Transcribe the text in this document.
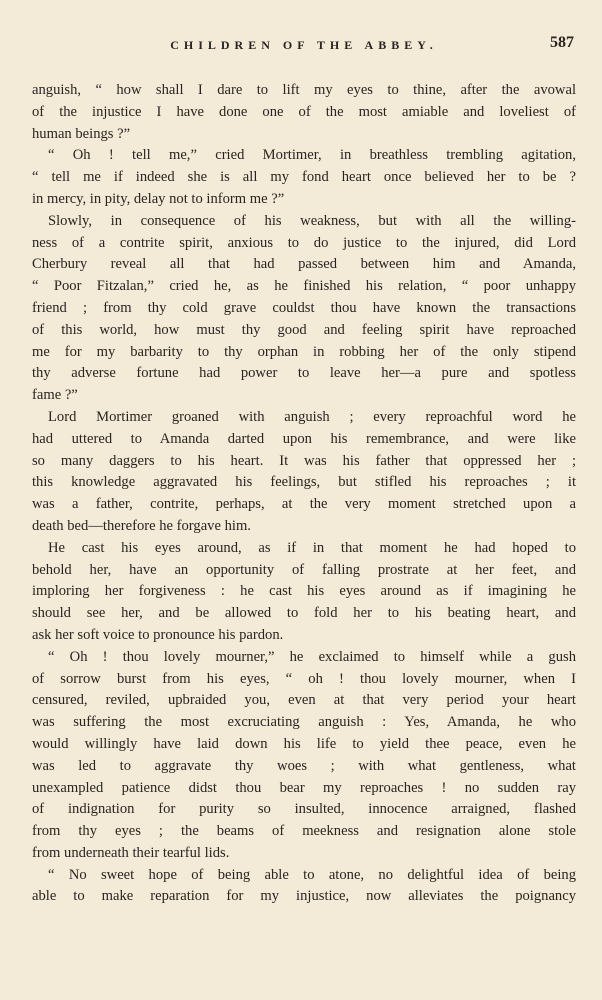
CHILDREN OF THE ABBEY.	587
anguish, “ how shall I dare to lift my eyes to thine, after the avowal
of the injustice I have done one of the most amiable and loveliest of
human beings ?”
“ Oh ! tell me,” cried Mortimer, in breathless trembling agitation,
“ tell me if indeed she is all my fond heart once believed her to be ?
in mercy, in pity, delay not to inform me ?”
Slowly, in consequence of his weakness, but with all the willing-
ness of a contrite spirit, anxious to do justice to the injured, did Lord
Cherbury reveal all that had passed between him and Amanda,
“ Poor Fitzalan,” cried he, as he finished his relation, “ poor unhappy
friend ; from thy cold grave couldst thou have known the transactions
of this world, how must thy good and feeling spirit have reproached
me for my barbarity to thy orphan in robbing her of the only stipend
thy adverse fortune had power to leave her—a pure and spotless
fame ?”
Lord Mortimer groaned with anguish ; every reproachful word he
had uttered to Amanda darted upon his remembrance, and were like
so many daggers to his heart. It was his father that oppressed her ;
this knowledge aggravated his feelings, but stifled his reproaches ; it
was a father, contrite, perhaps, at the very moment stretched upon a
death bed—therefore he forgave him.
He cast his eyes around, as if in that moment he had hoped to
behold her, have an opportunity of falling prostrate at her feet, and
imploring her forgiveness : he cast his eyes around as if imagining he
should see her, and be allowed to fold her to his beating heart, and
ask her soft voice to pronounce his pardon.
“ Oh ! thou lovely mourner,” he exclaimed to himself while a gush
of sorrow burst from his eyes, “ oh ! thou lovely mourner, when I
censured, reviled, upbraided you, even at that very period your heart
was suffering the most excruciating anguish : Yes, Amanda, he who
would willingly have laid down his life to yield thee peace, even he
was led to aggravate thy woes ; with what gentleness, what
unexampled patience didst thou bear my reproaches ! no sudden ray
of indignation for purity so insulted, innocence arraigned, flashed
from thy eyes ; the beams of meekness and resignation alone stole
from underneath their tearful lids.
“ No sweet hope of being able to atone, no delightful idea of being
able to make reparation for my injustice, now alleviates the poignancy
